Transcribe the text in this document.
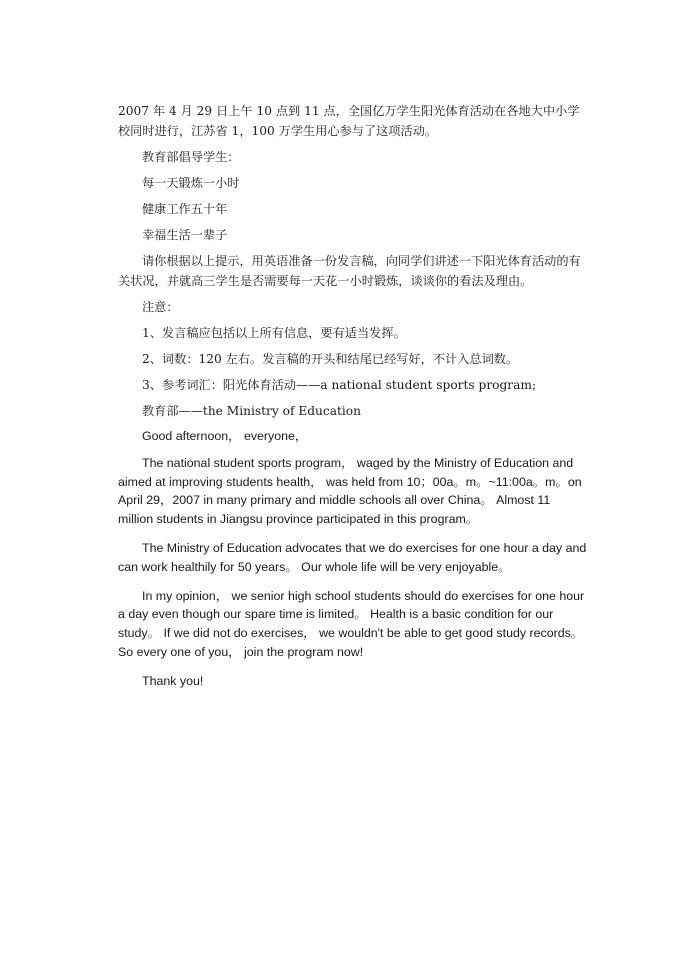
2007 年 4 月 29 日上午 10 点到 11 点，全国亿万学生阳光体育活动在各地大中小学校同时进行，江苏省 1，100 万学生用心参与了这项活动。

教育部倡导学生：

每一天锻炼一小时

健康工作五十年

幸福生活一辈子

请你根据以上提示，用英语准备一份发言稿，向同学们讲述一下阳光体育活动的有关状况，并就高三学生是否需要每一天花一小时锻炼，谈谈你的看法及理由。

注意：

1、发言稿应包括以上所有信息，要有适当发挥。

2、词数：120 左右。发言稿的开头和结尾已经写好，不计入总词数。

3、参考词汇：阳光体育活动——a national student sports program;

教育部——the Ministry of Education

Good afternoon， everyone，

The national student sports program， waged by the Ministry of Education and aimed at improving students health， was held from 10；00a。m。~11:00a。m。on April 29，2007 in many primary and middle schools all over China。 Almost 11 million students in Jiangsu province participated in this program。

The Ministry of Education advocates that we do exercises for one hour a day and can work healthily for 50 years。 Our whole life will be very enjoyable。

In my opinion， we senior high school students should do exercises for one hour a day even though our spare time is limited。 Health is a basic condition for our study。 If we did not do exercises， we wouldn't be able to get good study records。So every one of you， join the program now!

Thank you!
